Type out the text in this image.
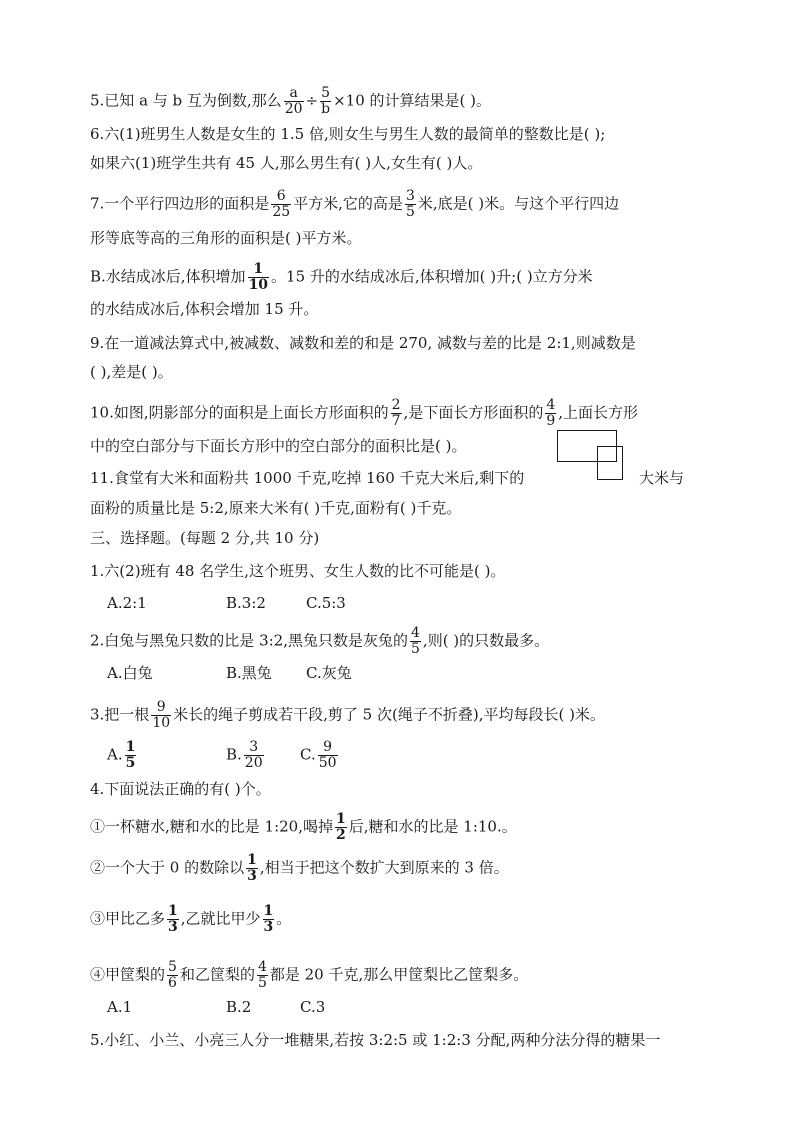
5.已知 a 与 b 互为倒数,那么 $\frac{a}{20} \div \frac{5}{b} \times 10$ 的计算结果是( )。
6.六(1)班男生人数是女生的 1.5 倍,则女生与男生人数的最简单的整数比是( );
如果六(1)班学生共有 45 人,那么男生有( )人,女生有( )人。
7.一个平行四边形的面积是 $\frac{6}{25}$ 平方米,它的高是 $\frac{3}{5}$ 米,底是( )米。与这个平行四边
形等底等高的三角形的面积是( )平方米。
B.水结成冰后,体积增加 $\frac{1}{10}$ 。15 升的水结成冰后,体积增加( )升;( )立方分米
的水结成冰后,体积会增加 15 升。
9.在一道减法算式中,被减数、减数和差的和是 270, 减数与差的比是 2:1,则减数是
( ),差是( )。
10.如图,阴影部分的面积是上面长方形面积的 $\frac{2}{7}$ ,是下面长方形面积的 $\frac{4}{9}$ ,上面长方形
中的空白部分与下面长方形中的空白部分的面积比是( )。
11.食堂有大米和面粉共 1000 千克,吃掉 160 千克大米后,剩下的	大米与
面粉的质量比是 5:2,原来大米有( )千克,面粉有( )千克。
三、选择题。(每题 2 分,共 10 分)
1.六(2)班有 48 名学生,这个班男、女生人数的比不可能是( )。
A.2:1	B.3:2	C.5:3
2.白兔与黑兔只数的比是 3:2,黑兔只数是灰兔的 $\frac{4}{5}$ ,则( )的只数最多。
A.白兔	B.黑兔 C.灰兔
3.把一根 $\frac{9}{10}$ 米长的绳子剪成若干段,剪了 5 次(绳子不折叠),平均每段长( )米。
A. $\frac{1}{5}$	B. $\frac{3}{20} C$. $\frac{9}{50}$
4.下面说法正确的有( )个。
①一杯糖水,糖和水的比是 1:20,喝掉 $\frac{1}{2}$ 后,糖和水的比是 1:10.。
②一个大于 0 的数除以 $\frac{1}{3}$ ,相当于把这个数扩大到原来的 3 倍。
③甲比乙多 $\frac{1}{3}$ ,乙就比甲少 $\frac{1}{3}$ 。
④甲筐梨的 $\frac{5}{6}$ 和乙筐梨的 $\frac{4}{5}$ 都是 20 千克,那么甲筐梨比乙筐梨多。
A.1	B.2	C.3
5.小红、小兰、小亮三人分一堆糖果,若按 3:2:5 或 1:2:3 分配,两种分法分得的糖果一
